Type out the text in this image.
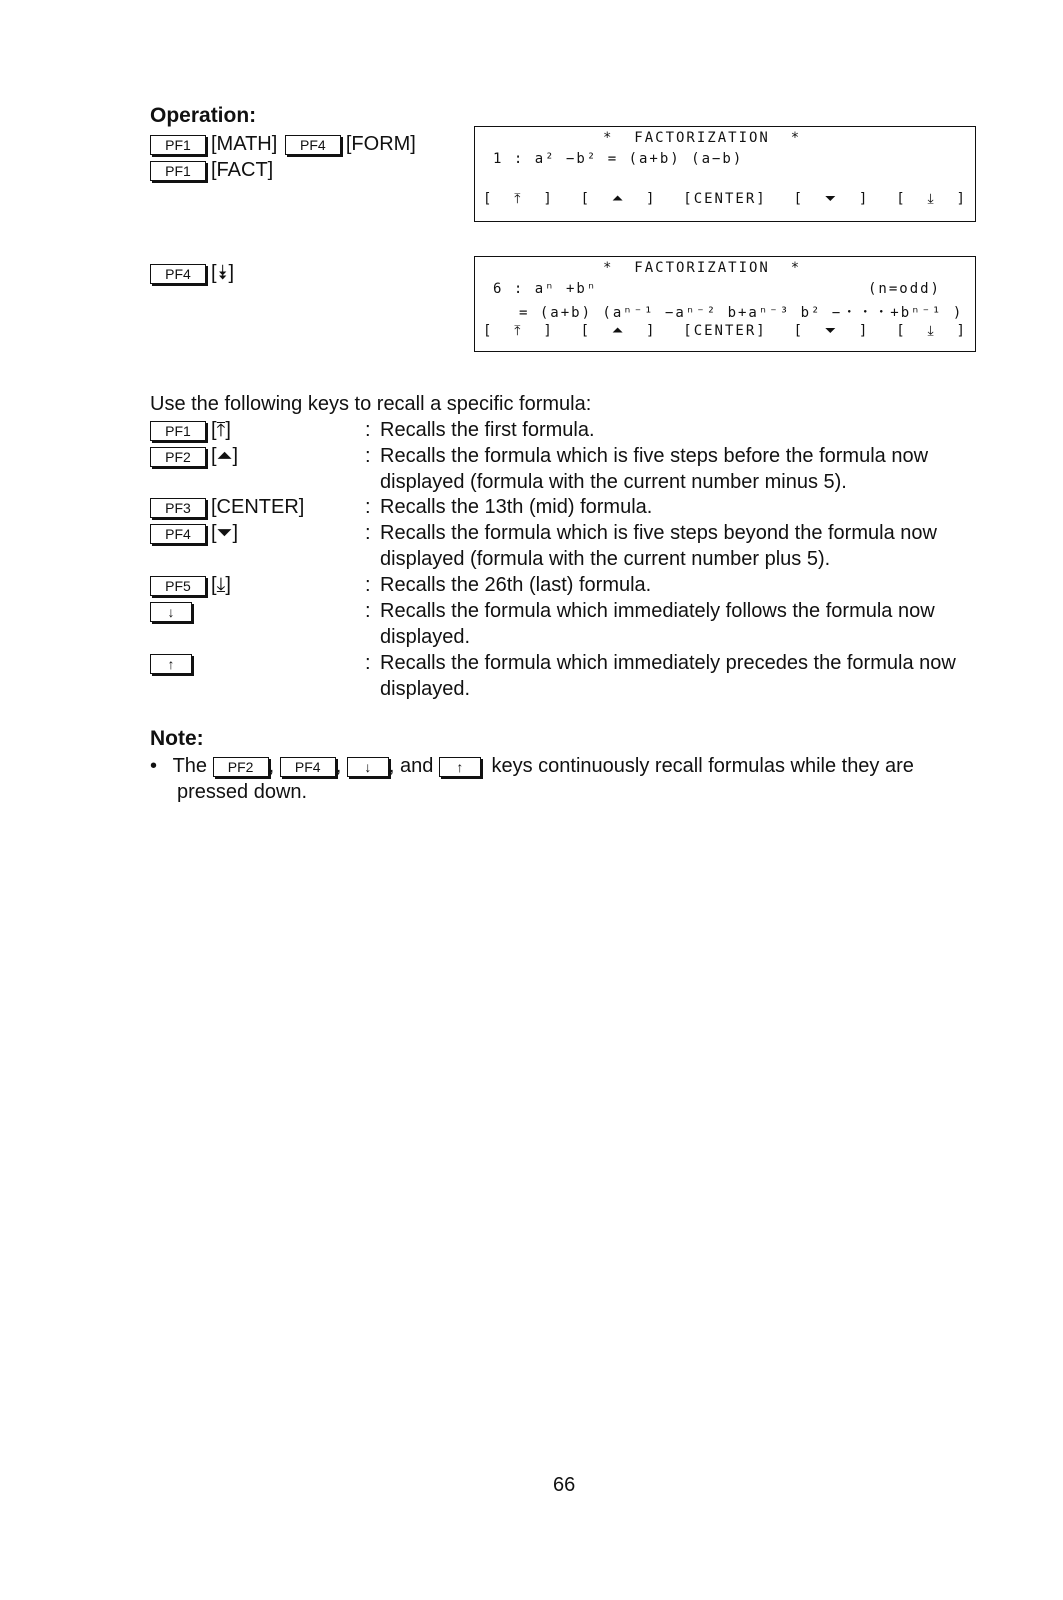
Operation:
PF1 [MATH] PF4 [FORM]
PF1 [FACT]
PF4 [⯯]
*  FACTORIZATION  *
1 : a² −b² = (a+b) (a−b)
[  ⤒  ] [  ⏶  ] [CENTER] [  ⏷  ] [  ⤓  ]
*  FACTORIZATION  *
6 : aⁿ +bⁿ	(n=odd)
= (a+b) (aⁿ⁻¹ −aⁿ⁻² b+aⁿ⁻³ b² −・・・+bⁿ⁻¹ )
[  ⤒  ] [  ⏶  ] [CENTER] [  ⏷  ] [  ⤓  ]
Use the following keys to recall a specific formula:
PF1 [⤒]	: Recalls the first formula.
PF2 [⏶]	: Recalls the formula which is five steps before the formula now displayed (formula with the current number minus 5).
PF3 [CENTER]	: Recalls the 13th (mid) formula.
PF4 [⏷]	: Recalls the formula which is five steps beyond the formula now displayed (formula with the current number plus 5).
PF5 [⤓]	: Recalls the 26th (last) formula.
↓	: Recalls the formula which immediately follows the formula now displayed.
↑	: Recalls the formula which immediately precedes the formula now displayed.
Note:
• The PF2 , PF4 , ↓ , and ↑ keys continuously recall formulas while they are
pressed down.
66
